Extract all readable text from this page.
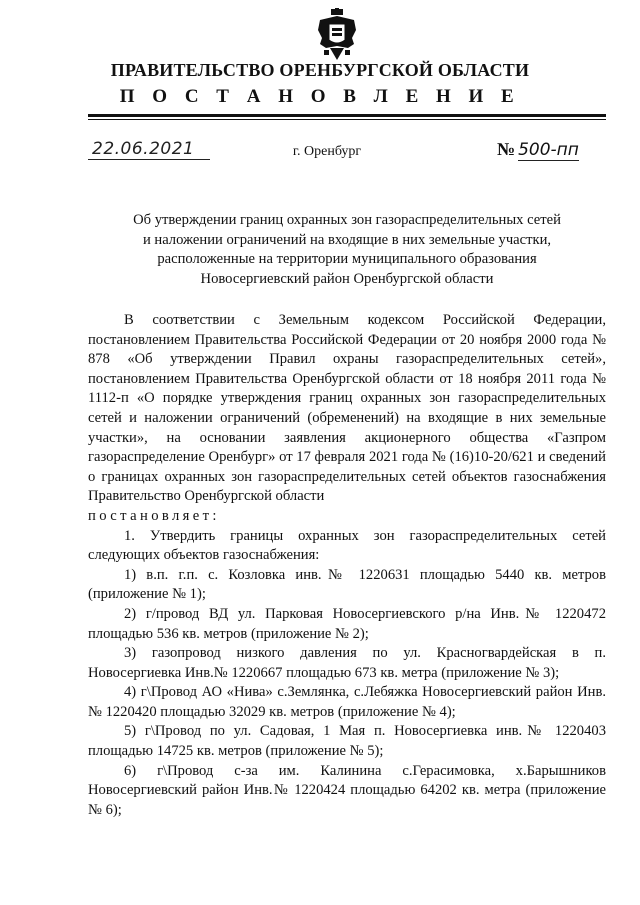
ПРАВИТЕЛЬСТВО ОРЕНБУРГСКОЙ ОБЛАСТИ
П О С Т А Н О В Л Е Н И Е
22.06.2021	г. Оренбург	№ 500-пп
Об утверждении границ охранных зон газораспределительных сетей
и наложении ограничений на входящие в них земельные участки,
расположенные на территории муниципального образования
Новосергиевский район Оренбургской области

В соответствии с Земельным кодексом Российской Федерации, постановлением Правительства Российской Федерации от 20 ноября 2000 года № 878 «Об утверждении Правил охраны газораспределительных сетей», постановлением Правительства Оренбургской области от 18 ноября 2011 года № 1112-п «О порядке утверждения границ охранных зон газораспределительных сетей и наложении ограничений (обременений) на входящие в них земельные участки», на основании заявления акционерного общества «Газпром газораспределение Оренбург» от 17 февраля 2021 года № (16)10-20/621 и сведений о границах охранных зон газораспределительных сетей объектов газоснабжения Правительство Оренбургской области

постановляет:

1. Утвердить границы охранных зон газораспределительных сетей следующих объектов газоснабжения:

1) в.п. г.п. с. Козловка инв.№ 1220631 площадью 5440 кв. метров (приложение № 1);

2) г/провод ВД ул. Парковая Новосергиевского р/на Инв.№ 1220472 площадью 536 кв. метров (приложение № 2);

3) газопровод низкого давления по ул. Красногвардейская в п. Новосергиевка Инв.№ 1220667 площадью 673 кв. метра (приложение № 3);

4) г\Провод АО «Нива» с.Землянка, с.Лебяжка Новосергиевский район Инв.№ 1220420 площадью 32029 кв. метров (приложение № 4);

5) г\Провод по ул. Садовая, 1 Мая п. Новосергиевка инв.№ 1220403 площадью 14725 кв. метров (приложение № 5);

6) г\Провод с-за им. Калинина с.Герасимовка, х.Барышников Новосергиевский район Инв.№ 1220424 площадью 64202 кв. метра (приложение № 6);
